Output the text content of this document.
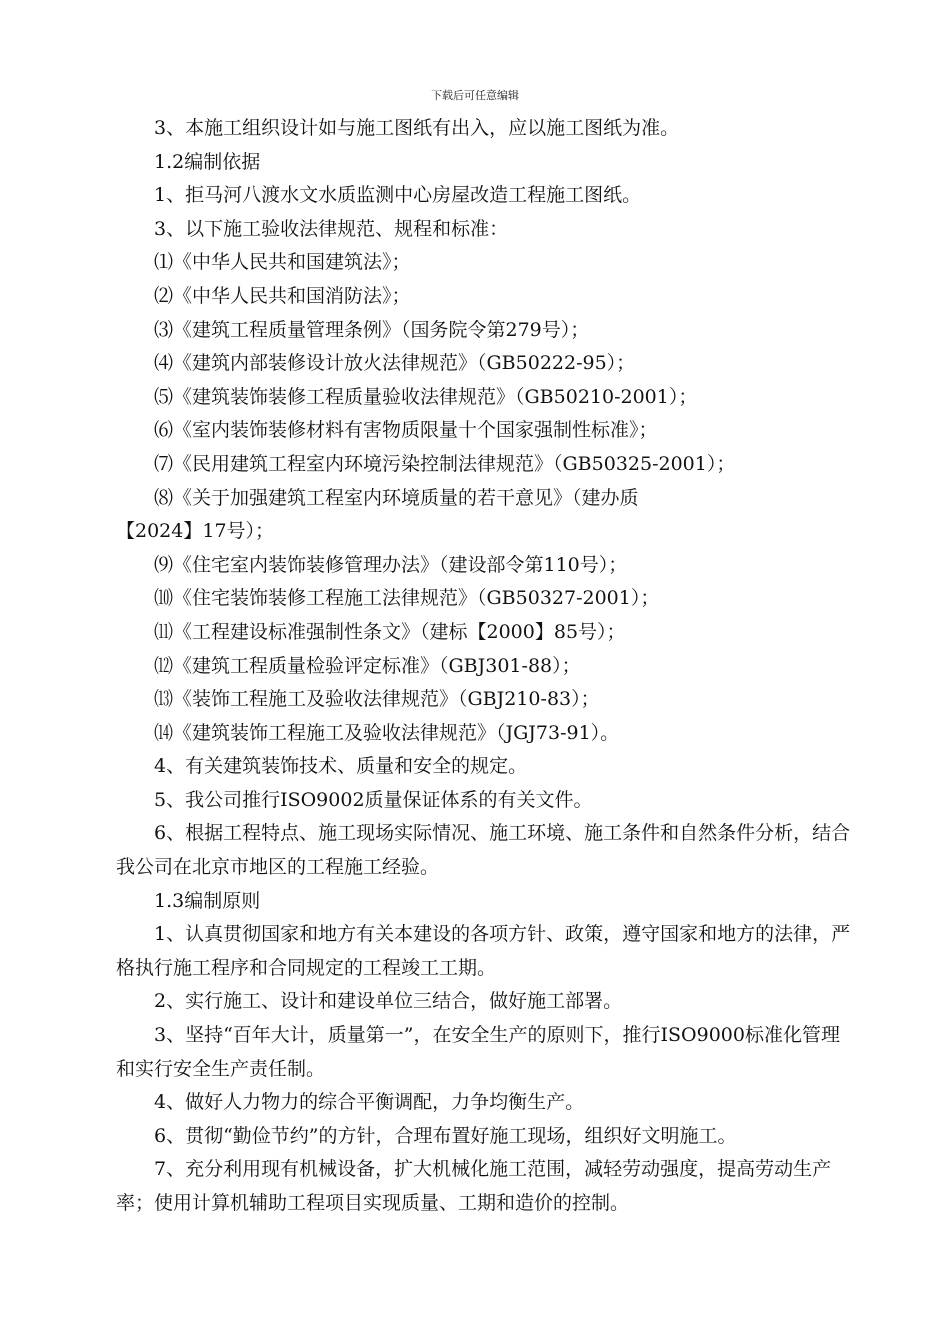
下载后可任意编辑

3、本施工组织设计如与施工图纸有出入，应以施工图纸为准。

1.2编制依据

1、拒马河八渡水文水质监测中心房屋改造工程施工图纸。

3、以下施工验收法律规范、规程和标准：

⑴《中华人民共和国建筑法》；

⑵《中华人民共和国消防法》；

⑶《建筑工程质量管理条例》（国务院令第279号）；

⑷《建筑内部装修设计放火法律规范》（GB50222-95）；

⑸《建筑装饰装修工程质量验收法律规范》（GB50210-2001）；

⑹《室内装饰装修材料有害物质限量十个国家强制性标准》；

⑺《民用建筑工程室内环境污染控制法律规范》（GB50325-2001）；

⑻《关于加强建筑工程室内环境质量的若干意见》（建办质

【2024】17号）；

⑼《住宅室内装饰装修管理办法》（建设部令第110号）；

⑽《住宅装饰装修工程施工法律规范》（GB50327-2001）；

⑾《工程建设标准强制性条文》（建标【2000】85号）；

⑿《建筑工程质量检验评定标准》（GBJ301-88）；

⒀《装饰工程施工及验收法律规范》（GBJ210-83）；

⒁《建筑装饰工程施工及验收法律规范》（JGJ73-91）。

4、有关建筑装饰技术、质量和安全的规定。

5、我公司推行ISO9002质量保证体系的有关文件。

6、根据工程特点、施工现场实际情况、施工环境、施工条件和自然条件分析，结合我公司在北京市地区的工程施工经验。

1.3编制原则

1、认真贯彻国家和地方有关本建设的各项方针、政策，遵守国家和地方的法律，严格执行施工程序和合同规定的工程竣工工期。

2、实行施工、设计和建设单位三结合，做好施工部署。

3、坚持“百年大计，质量第一”，在安全生产的原则下，推行ISO9000标准化管理和实行安全生产责任制。

4、做好人力物力的综合平衡调配，力争均衡生产。

6、贯彻“勤俭节约”的方针，合理布置好施工现场，组织好文明施工。

7、充分利用现有机械设备，扩大机械化施工范围，减轻劳动强度，提高劳动生产率；使用计算机辅助工程项目实现质量、工期和造价的控制。
